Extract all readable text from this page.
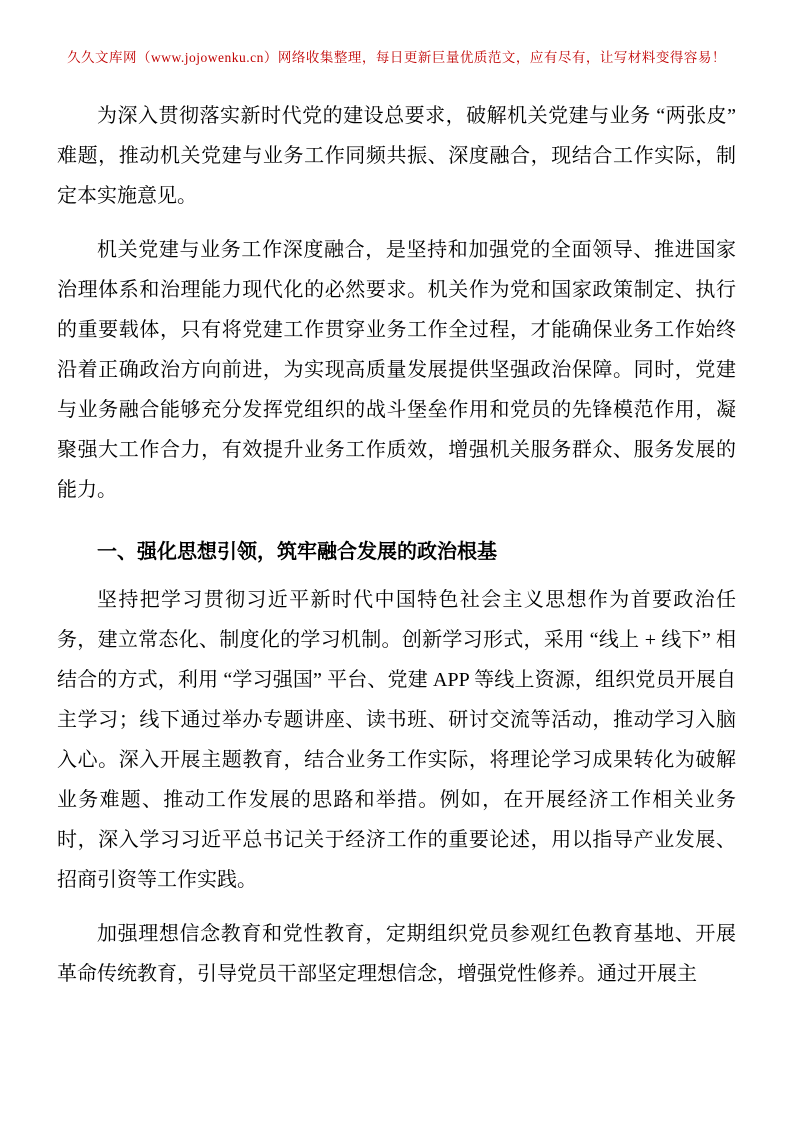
久久文库网（www.jojowenku.cn）网络收集整理，每日更新巨量优质范文，应有尽有，让写材料变得容易！

为深入贯彻落实新时代党的建设总要求，破解机关党建与业务 “两张皮” 难题，推动机关党建与业务工作同频共振、深度融合，现结合工作实际，制定本实施意见。

机关党建与业务工作深度融合，是坚持和加强党的全面领导、推进国家治理体系和治理能力现代化的必然要求。机关作为党和国家政策制定、执行的重要载体，只有将党建工作贯穿业务工作全过程，才能确保业务工作始终沿着正确政治方向前进，为实现高质量发展提供坚强政治保障。同时，党建与业务融合能够充分发挥党组织的战斗堡垒作用和党员的先锋模范作用，凝聚强大工作合力，有效提升业务工作质效，增强机关服务群众、服务发展的能力。

一、强化思想引领，筑牢融合发展的政治根基

坚持把学习贯彻习近平新时代中国特色社会主义思想作为首要政治任务，建立常态化、制度化的学习机制。创新学习形式，采用 “线上 + 线下” 相结合的方式，利用 “学习强国” 平台、党建 APP 等线上资源，组织党员开展自主学习；线下通过举办专题讲座、读书班、研讨交流等活动，推动学习入脑入心。深入开展主题教育，结合业务工作实际，将理论学习成果转化为破解业务难题、推动工作发展的思路和举措。例如，在开展经济工作相关业务时，深入学习习近平总书记关于经济工作的重要论述，用以指导产业发展、招商引资等工作实践。

加强理想信念教育和党性教育，定期组织党员参观红色教育基地、开展革命传统教育，引导党员干部坚定理想信念，增强党性修养。通过开展主
